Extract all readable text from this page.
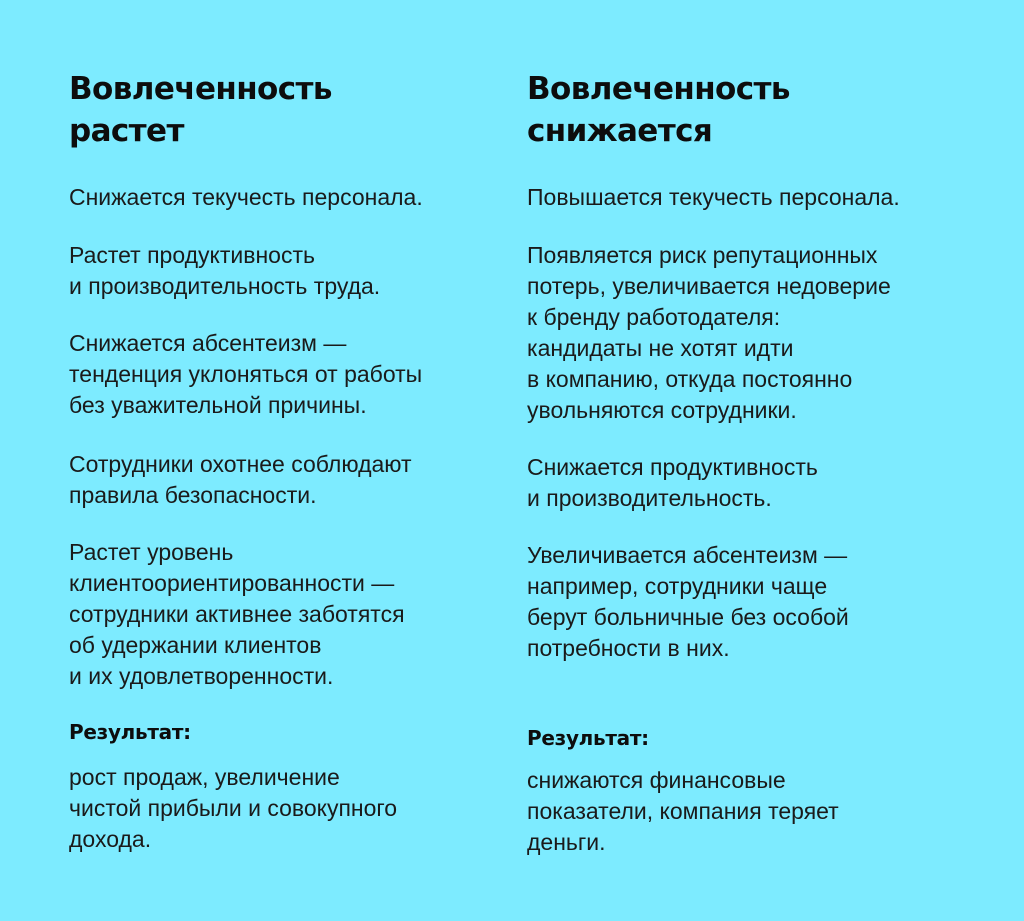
Вовлеченность
растет

Снижается текучесть персонала.

Растет продуктивность
и производительность труда.

Снижается абсентеизм —
тенденция уклоняться от работы
без уважительной причины.

Сотрудники охотнее соблюдают
правила безопасности.

Растет уровень
клиентоориентированности —
сотрудники активнее заботятся
об удержании клиентов
и их удовлетворенности.

Результат:

рост продаж, увеличение
чистой прибыли и совокупного
дохода.

Вовлеченность
снижается

Повышается текучесть персонала.

Появляется риск репутационных
потерь, увеличивается недоверие
к бренду работодателя:
кандидаты не хотят идти
в компанию, откуда постоянно
увольняются сотрудники.

Снижается продуктивность
и производительность.

Увеличивается абсентеизм —
например, сотрудники чаще
берут больничные без особой
потребности в них.

Результат:

снижаются финансовые
показатели, компания теряет
деньги.
